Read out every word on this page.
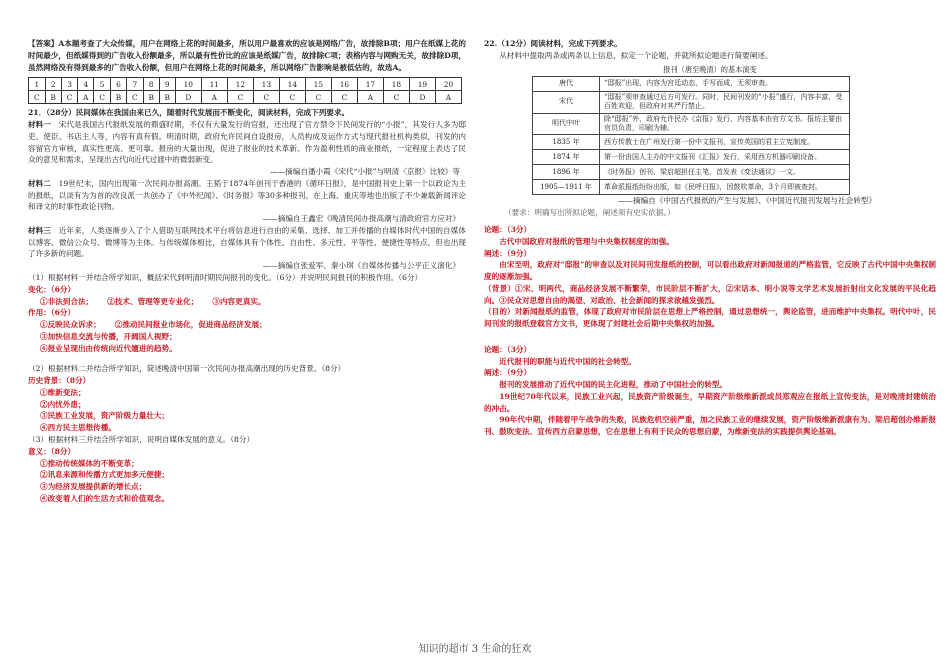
【答案】A本题考查了大众传媒，用户在网络上花的时间最多，所以用户最喜欢的应该是网络广告，故排除B项；用户在纸媒上花的时间最少，但纸媒得到的广告收入份额最多，所以最有性价比的应该是纸媒广告，故排除C项；表格内容与网购无关，故排除D项，虽然网络没有得到最多的广告收入份额，但用户在网络上花的时间最多，所以网络广告影响是被低估的，故选A。

1	2	3	4	5	6	7	8	9	10	11	12	13	14	15	16	17	18	19	20
C	B	C	A	C	B	C	B	B	D	A	C	C	C	C	C	A	C	D	A

21．（28分）民间媒体在我国由来已久，随着时代发展而不断变化，阅读材料，完成下列要求。

材料一　 宋代是我国古代报纸发展的鼎盛时期，不仅有大量发行的官报，还出现了官方禁令下民间发行的“小报”，其发行人多为邸吏、使臣、书店主人等，内容有真有假。明清时期，政府允许民间自设报房，人员构成及运作方式与现代报社机构类似，刊发的内容留官方审核，真实性更高、更可靠。报房的大量出现，促进了报业的技术革新。作为盈利性质的商业报纸，一定程度上表达了民众的意见和需求，呈现出古代向近代过渡中的微弱新变。

——摘编自潘小霞《宋代“小报”与明清〈京报〉比较》等

材料二　 19世纪末，国内出现第一次民间办报高潮。王韬于1874年创刊于香港的《循环日报》，是中国报刊史上第一个以政论为主的报纸，以谈有为为首的改良派一共创办了《中外纪闻》、《时务报》等30多种报刊。在上海、重庆等地也出版了不少兼载新闻评论和译文的时事性政论刊物。

——摘编自王鑫宏《晚清民间办报高潮与清政府官方应对》

材料三　 近年来，人类逐渐步入了个人借助互联网技术平台将信息进行自由的采集、选择、加工并传播的自媒体时代中国的自媒体以博客、微信公众号、微博等为主体。与传统媒体相比，自媒体具有个体性、自由性、多元性、平等性、便捷性等特点，但也出现了许多新的问题。

——摘编自张爱军、秦小琪《自媒体传播与公平正义演化》

（1）根据材料一并结合所学知识，概括宋代到明清时期民间报刊的变化。（6分）并说明民间报刊的积极作用。（6分）

变化：（6分）

①非法到合法；　　 ②技术、管理等更专业化；　　 ③内容更真实。

作用：（6分）

①反映民众诉求；　　 ②推动民间报业市场化，促进商品经济发展；

③加快信息交流与传播，开阔国人视野；

④报业呈现出由传统向近代嬗进的趋势。

（2）根据材料二并结合所学知识，简述晚清中国第一次民间办报高潮出现的历史背景。（8分）

历史背景：（8分）

①维新变法；

②内忧外患；

③民族工业发展，资产阶级力量壮大；

④西方民主思想传播。

（3）根据材料三并结合所学知识，说明自媒体发展的意义。（8分）

意义：（8分）

①推动传统媒体的不断变革；

②讯息来源和传播方式更加多元便捷；

③为经济发展提供新的增长点；

④改变着人们的生活方式和价值观念。

22.（12分）阅读材料，完成下列要求。

从材料中提取两条或两条以上信息，拟定一个论题，并就所拟论题进行简要阐述。

报刊（唐至晚清）的基本演变

唐代	“邸报”出现，内容为宫廷动态，手写而成，无须审查。
宋代	“邸报”须审查通过后方可发行。同时，民间刊发的“小报”盛行，内容丰富，受百姓欢迎，但政府对其严行禁止。
明代中叶	除“邸报”外，政府允许民办《京报》发行，内容基本由官方文书。报坊主要由官员负责，印刷为辅。
1835 年	西方传教士在广州发行第一份中文报刊，宣传英国的君主立宪制度。
1874 年	第一份由国人主办的中文报刊《汇报》发行，采用西方机器印刷设备。
1896 年	《时务报》创刊，梁启超担任主笔，首发表《变法通议》一文。
1905—1911 年	革命派报纸纷纷出版，如《民呼日报》，因鼓吹革命，3个月即被查封。

——摘编自《中国古代报纸的产生与发展》、《中国近代报刊发展与社会转型》

（要求：明确写出所拟论题，阐述须有史实依据。）

论题：（3分）

古代中国政府对报纸的管理与中央集权制度的加强。

阐述：（9分）

由宋至明，政府对“邸报”的审查以及对民间刊发报纸的控制，可以看出政府对新闻报道的严格监管，它反映了古代中国中央集权制度的逐渐加强。

（背景）①宋、明两代，商品经济发展不断繁荣，市民阶层不断扩大，②宋话本、明小说等文学艺术发展折射出文化发展的平民化趋向。③民众对思想自由的渴望、对政治、社会新闻的探求欲越发强烈。

（目的）对新闻报纸的监管，体现了政府对市民阶层在思想上严格控制，通过思想统一，舆论监管，进而维护中央集权。明代中叶，民间刊发的报纸登载官方文书，更体现了封建社会后期中央集权的加强。

论题：（3分）

近代报刊的职能与近代中国的社会转型。

阐述：（9分）

报刊的发展推动了近代中国的民主化进程，推动了中国社会的转型。

19世纪70年代以来，民族工业兴起，民族资产阶级诞生，早期资产阶级维新派或员郑观应在报纸上宣传变法，是对晚清封建统治的冲击。

90年代中期，伴随着甲午战争的失败，民族危机空前严重，加之民族工业的继续发展，资产阶级维新派康有为、梁启超创办维新报刊、鼓吹变法、宣传西方启蒙思想，它在思想上有利于民众的思想启蒙，为维新变法的实践提供舆论基础。

知识的超市 3 生命的狂欢
